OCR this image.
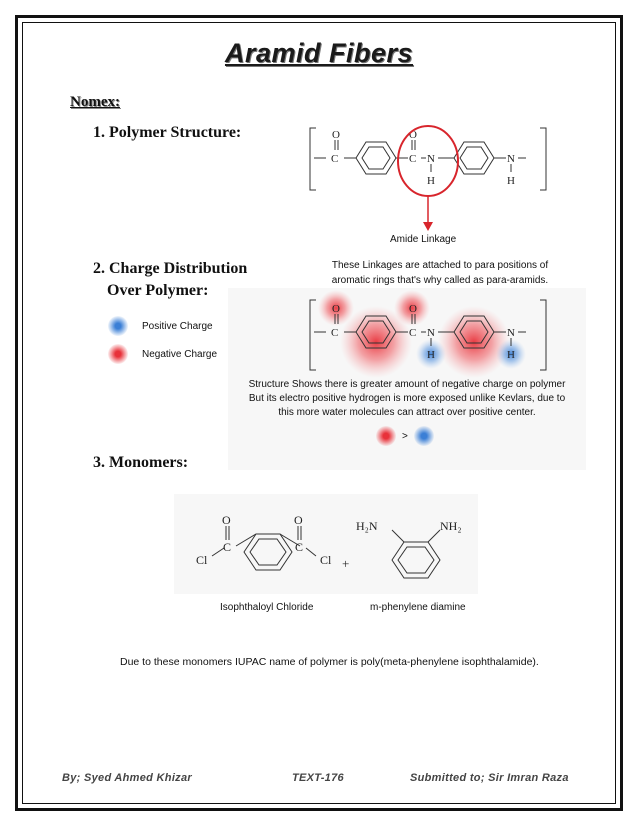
Aramid Fibers
Nomex:
1. Polymer Structure:	O
C
O
C N
H
N
H
Amide Linkage
2. Charge Distribution
Over Polymer:
These Linkages are attached to para positions of
aromatic rings that's why called as para-aramids.
Positive Charge
Negative Charge
O
C
O
C N
H
N
H
Structure Shows there is greater amount of negative charge on polymer
But its electro positive hydrogen is more exposed unlike Kevlars, due to
this more water molecules can attract over positive center.
>
3. Monomers:
O
C
Cl
O
C
Cl +
H₂N	NH₂
Isophthaloyl Chloride	m-phenylene diamine
Due to these monomers IUPAC name of polymer is poly(meta-phenylene isophthalamide).
By; Syed Ahmed Khizar	TEXT-176	Submitted to; Sir Imran Raza
